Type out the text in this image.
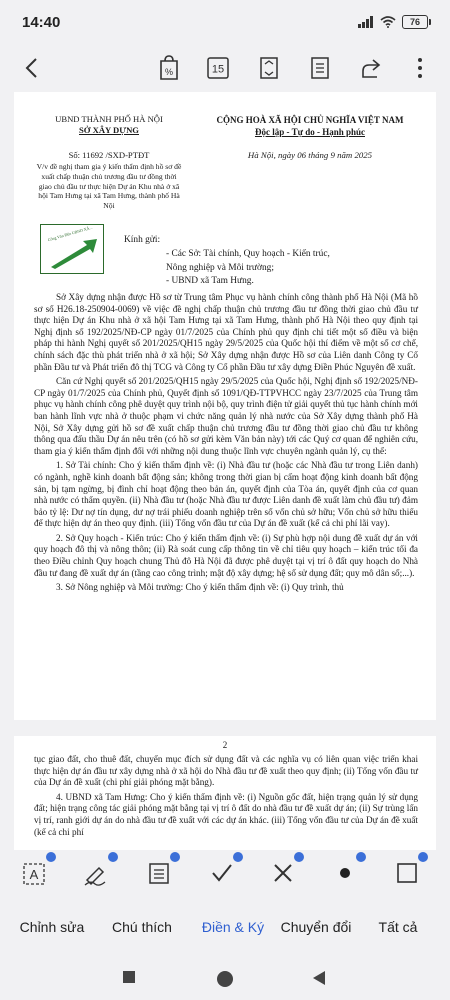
14:40	76
%	15
UBND THÀNH PHỐ HÀ NỘI
SỞ XÂY DỰNG
CỘNG HOÀ XÃ HỘI CHỦ NGHĨA VIỆT NAM
Độc lập - Tự do - Hạnh phúc
Số: 11692 /SXD-PTĐT	Hà Nội, ngày 06 tháng 9 năm 2025
V/v đề nghị tham gia ý kiến thẩm định hồ sơ đề xuất chấp thuận chủ trương đầu tư đồng thời giao chủ đầu tư thực hiện Dự án Khu nhà ở xã hội Tam Hưng tại xã Tam Hưng, thành phố Hà Nội
Công Văn Đến UBND XÃ...	Kính gửi:
- Các Sở: Tài chính, Quy hoạch - Kiến trúc,
Nông nghiệp và Môi trường;
- UBND xã Tam Hưng.

Sở Xây dựng nhận được Hồ sơ từ Trung tâm Phục vụ hành chính công thành phố Hà Nội (Mã hồ sơ số H26.18-250904-0069) về việc đề nghị chấp thuận chủ trương đầu tư đồng thời giao chủ đầu tư thực hiện Dự án Khu nhà ở xã hội Tam Hưng tại xã Tam Hưng, thành phố Hà Nội theo quy định tại Nghị định số 192/2025/NĐ-CP ngày 01/7/2025 của Chính phủ quy định chi tiết một số điều và biện pháp thi hành Nghị quyết số 201/2025/QH15 ngày 29/5/2025 của Quốc hội thí điểm về một số cơ chế, chính sách đặc thù phát triển nhà ở xã hội; Sở Xây dựng nhận được Hồ sơ của Liên danh Công ty Cổ phần Đầu tư và Phát triển đô thị TCG và Công ty Cổ phần Đầu tư xây dựng Điền Phúc Nguyên đề xuất.

Căn cứ Nghị quyết số 201/2025/QH15 ngày 29/5/2025 của Quốc hội, Nghị định số 192/2025/NĐ-CP ngày 01/7/2025 của Chính phủ, Quyết định số 1091/QĐ-TTPVHCC ngày 23/7/2025 của Trung tâm phục vụ hành chính công phê duyệt quy trình nội bộ, quy trình điện tử giải quyết thủ tục hành chính mới ban hành lĩnh vực nhà ở thuộc phạm vi chức năng quản lý nhà nước của Sở Xây dựng thành phố Hà Nội, Sở Xây dựng gửi hồ sơ đề xuất chấp thuận chủ trương đầu tư đồng thời giao chủ đầu tư không thông qua đấu thầu Dự án nêu trên (có hồ sơ gửi kèm Văn bản này) tới các Quý cơ quan để nghiên cứu, tham gia ý kiến thẩm định đối với những nội dung thuộc lĩnh vực chuyên ngành quản lý, cụ thể:

1. Sở Tài chính: Cho ý kiến thẩm định về: (i) Nhà đầu tư (hoặc các Nhà đầu tư trong Liên danh) có ngành, nghề kinh doanh bất động sản; không trong thời gian bị cấm hoạt động kinh doanh bất động sản, bị tạm ngừng, bị đình chỉ hoạt động theo bản án, quyết định của Tòa án, quyết định của cơ quan nhà nước có thẩm quyền. (ii) Nhà đầu tư (hoặc Nhà đầu tư được Liên danh đề xuất làm chủ đầu tư) đảm bảo tỷ lệ: Dư nợ tín dụng, dư nợ trái phiếu doanh nghiệp trên số vốn chủ sở hữu; Vốn chủ sở hữu thiểu để thực hiện dự án theo quy định. (iii) Tổng vốn đầu tư của Dự án đề xuất (kể cả chi phí lãi vay).

2. Sở Quy hoạch - Kiến trúc: Cho ý kiến thẩm định về: (i) Sự phù hợp nội dung đề xuất dự án với quy hoạch đô thị và nông thôn; (ii) Rà soát cung cấp thông tin về chỉ tiêu quy hoạch – kiến trúc tối đa theo Điều chỉnh Quy hoạch chung Thủ đô Hà Nội đã được phê duyệt tại vị trí ô đất quy hoạch do Nhà đầu tư đang đề xuất dự án (tầng cao công trình; mật độ xây dựng; hệ số sử dụng đất; quy mô dân số;...).

3. Sở Nông nghiệp và Môi trường: Cho ý kiến thẩm định về: (i) Quy trình, thủ

2

tục giao đất, cho thuê đất, chuyển mục đích sử dụng đất và các nghĩa vụ có liên quan việc triển khai thực hiện dự án đầu tư xây dựng nhà ở xã hội do Nhà đầu tư đề xuất theo quy định; (ii) Tổng vốn đầu tư của Dự án đề xuất (chi phí giải phóng mặt bằng).

4. UBND xã Tam Hưng: Cho ý kiến thẩm định về: (i) Nguồn gốc đất, hiện trạng quản lý sử dụng đất; hiện trạng công tác giải phóng mặt bằng tại vị trí ô đất do nhà đầu tư đề xuất dự án; (ii) Sự trùng lấn vị trí, ranh giới dự án do nhà đầu tư đề xuất với các dự án khác. (iii) Tổng vốn đầu tư của Dự án đề xuất (kể cả chi phí

A
Chỉnh sửa	Chú thích	Điền & Ký	Chuyển đổi	Tất cả
